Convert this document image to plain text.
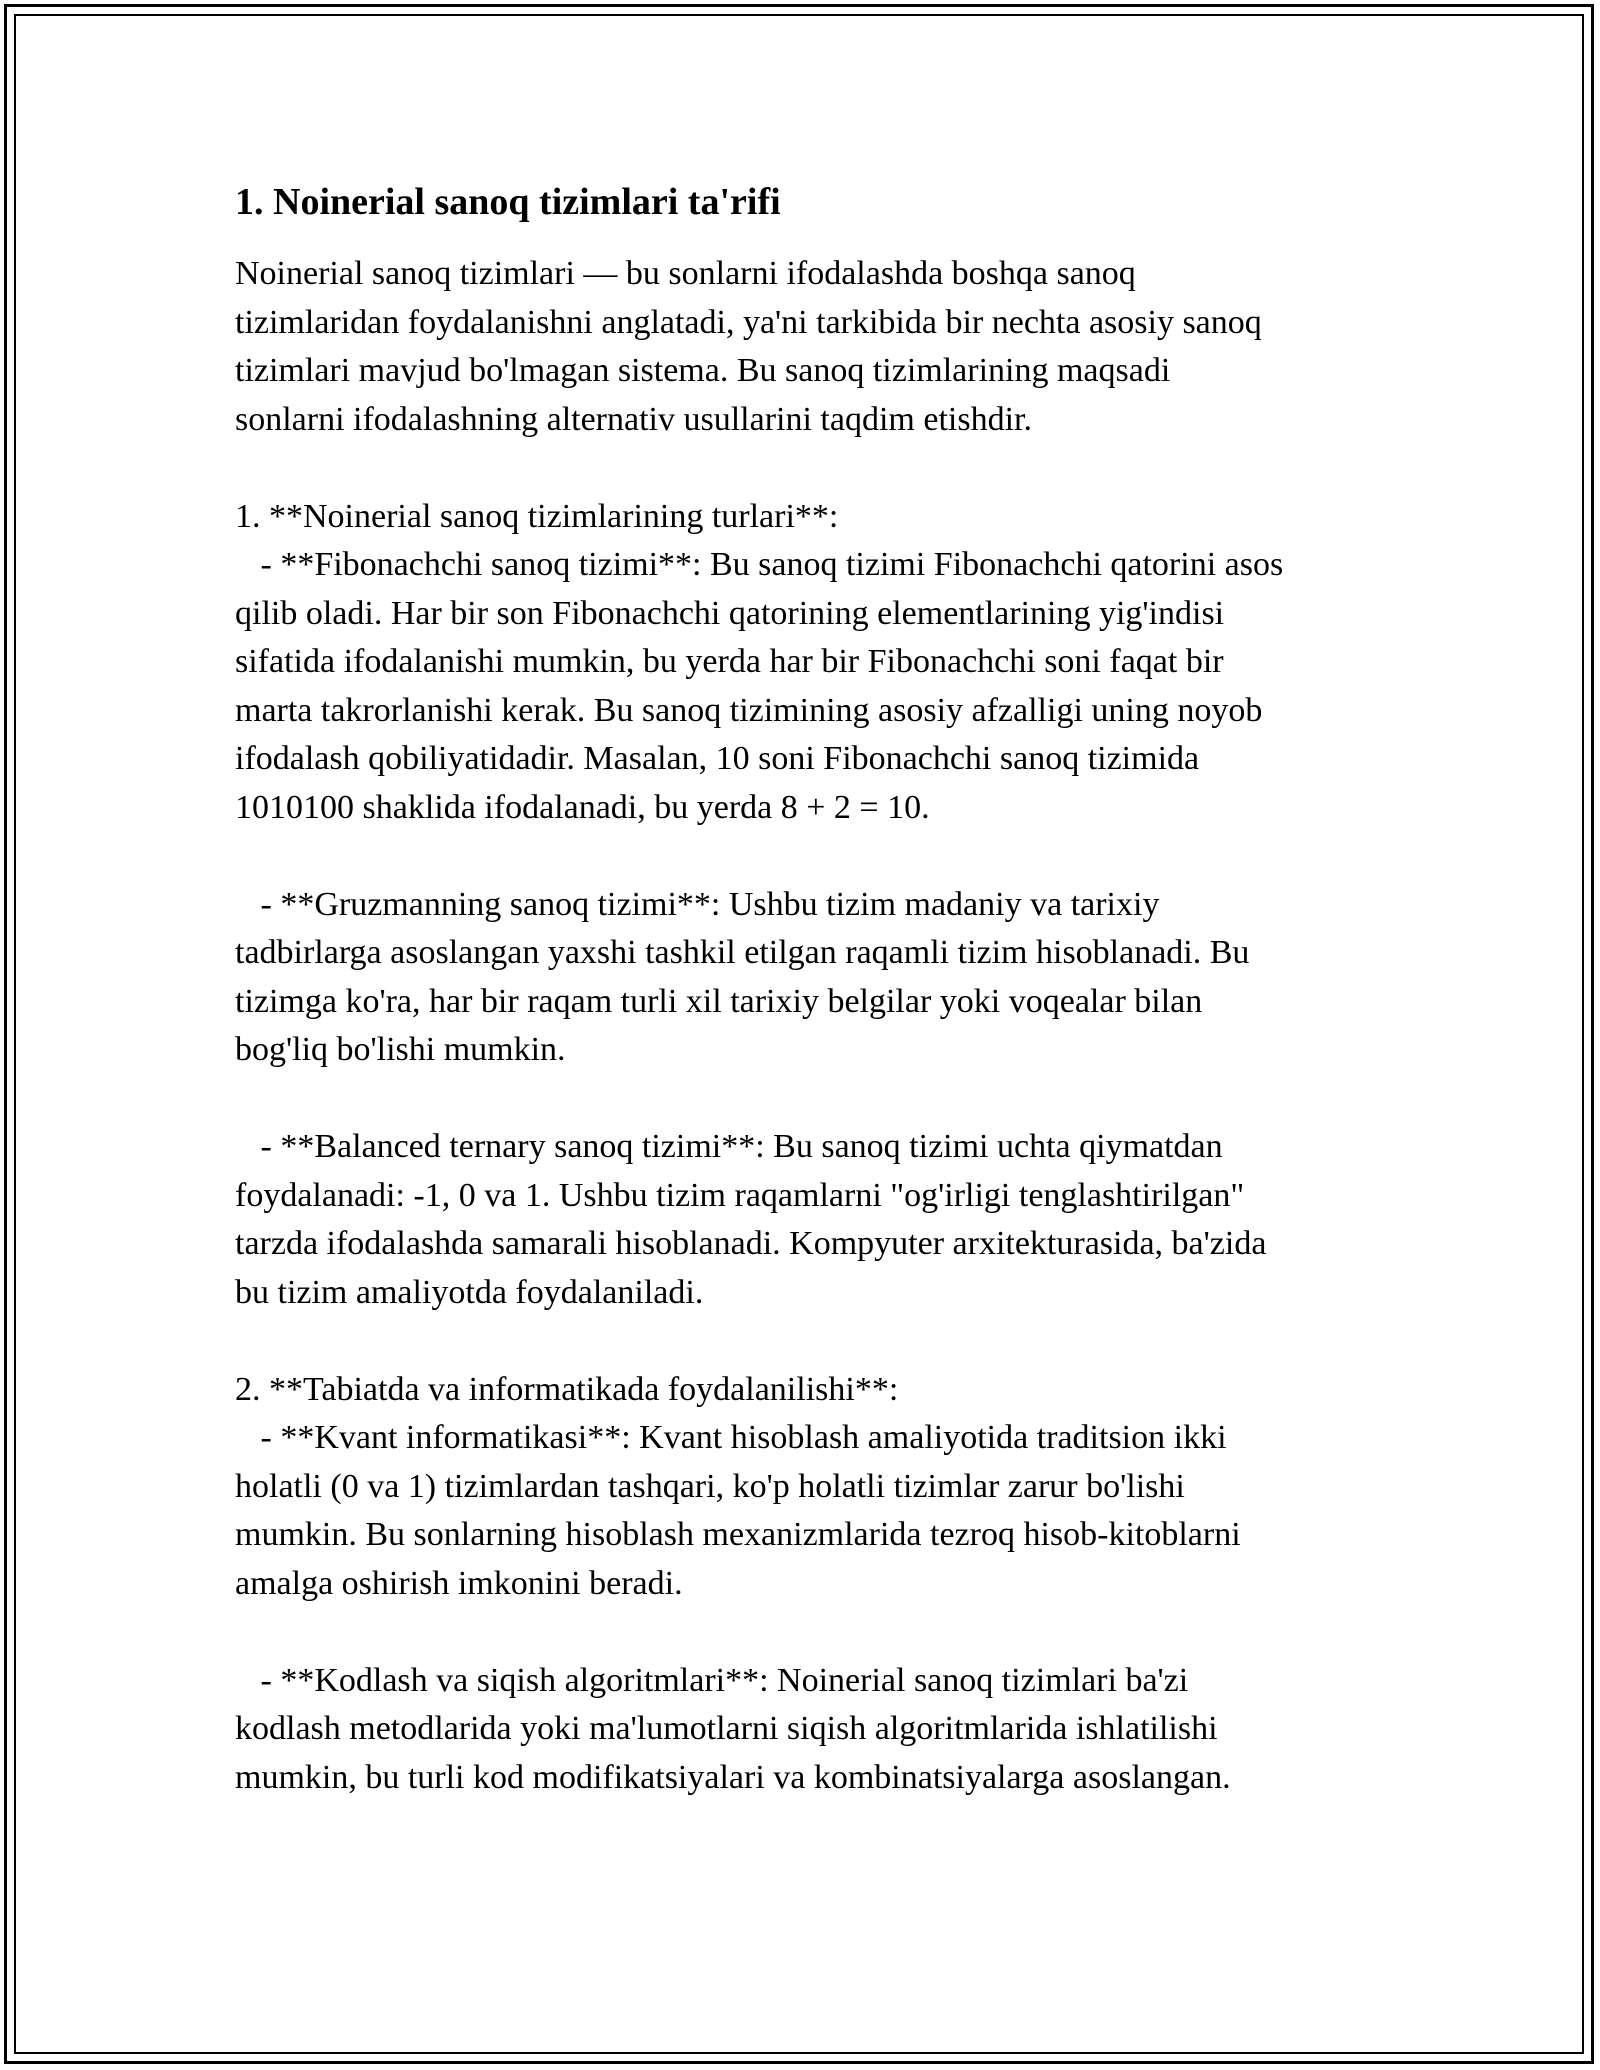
1. Noinerial sanoq tizimlari ta'rifi

Noinerial sanoq tizimlari — bu sonlarni ifodalashda boshqa sanoq
tizimlaridan foydalanishni anglatadi, ya'ni tarkibida bir nechta asosiy sanoq
tizimlari mavjud bo'lmagan sistema. Bu sanoq tizimlarining maqsadi
sonlarni ifodalashning alternativ usullarini taqdim etishdir.

1. **Noinerial sanoq tizimlarining turlari**:
- **Fibonachchi sanoq tizimi**: Bu sanoq tizimi Fibonachchi qatorini asos
qilib oladi. Har bir son Fibonachchi qatorining elementlarining yig'indisi
sifatida ifodalanishi mumkin, bu yerda har bir Fibonachchi soni faqat bir
marta takrorlanishi kerak. Bu sanoq tizimining asosiy afzalligi uning noyob
ifodalash qobiliyatidadir. Masalan, 10 soni Fibonachchi sanoq tizimida
1010100 shaklida ifodalanadi, bu yerda 8 + 2 = 10.

- **Gruzmanning sanoq tizimi**: Ushbu tizim madaniy va tarixiy
tadbirlarga asoslangan yaxshi tashkil etilgan raqamli tizim hisoblanadi. Bu
tizimga ko'ra, har bir raqam turli xil tarixiy belgilar yoki voqealar bilan
bog'liq bo'lishi mumkin.

- **Balanced ternary sanoq tizimi**: Bu sanoq tizimi uchta qiymatdan
foydalanadi: -1, 0 va 1. Ushbu tizim raqamlarni "og'irligi tenglashtirilgan"
tarzda ifodalashda samarali hisoblanadi. Kompyuter arxitekturasida, ba'zida
bu tizim amaliyotda foydalaniladi.

2. **Tabiatda va informatikada foydalanilishi**:
- **Kvant informatikasi**: Kvant hisoblash amaliyotida traditsion ikki
holatli (0 va 1) tizimlardan tashqari, ko'p holatli tizimlar zarur bo'lishi
mumkin. Bu sonlarning hisoblash mexanizmlarida tezroq hisob-kitoblarni
amalga oshirish imkonini beradi.

- **Kodlash va siqish algoritmlari**: Noinerial sanoq tizimlari ba'zi
kodlash metodlarida yoki ma'lumotlarni siqish algoritmlarida ishlatilishi
mumkin, bu turli kod modifikatsiyalari va kombinatsiyalarga asoslangan.
